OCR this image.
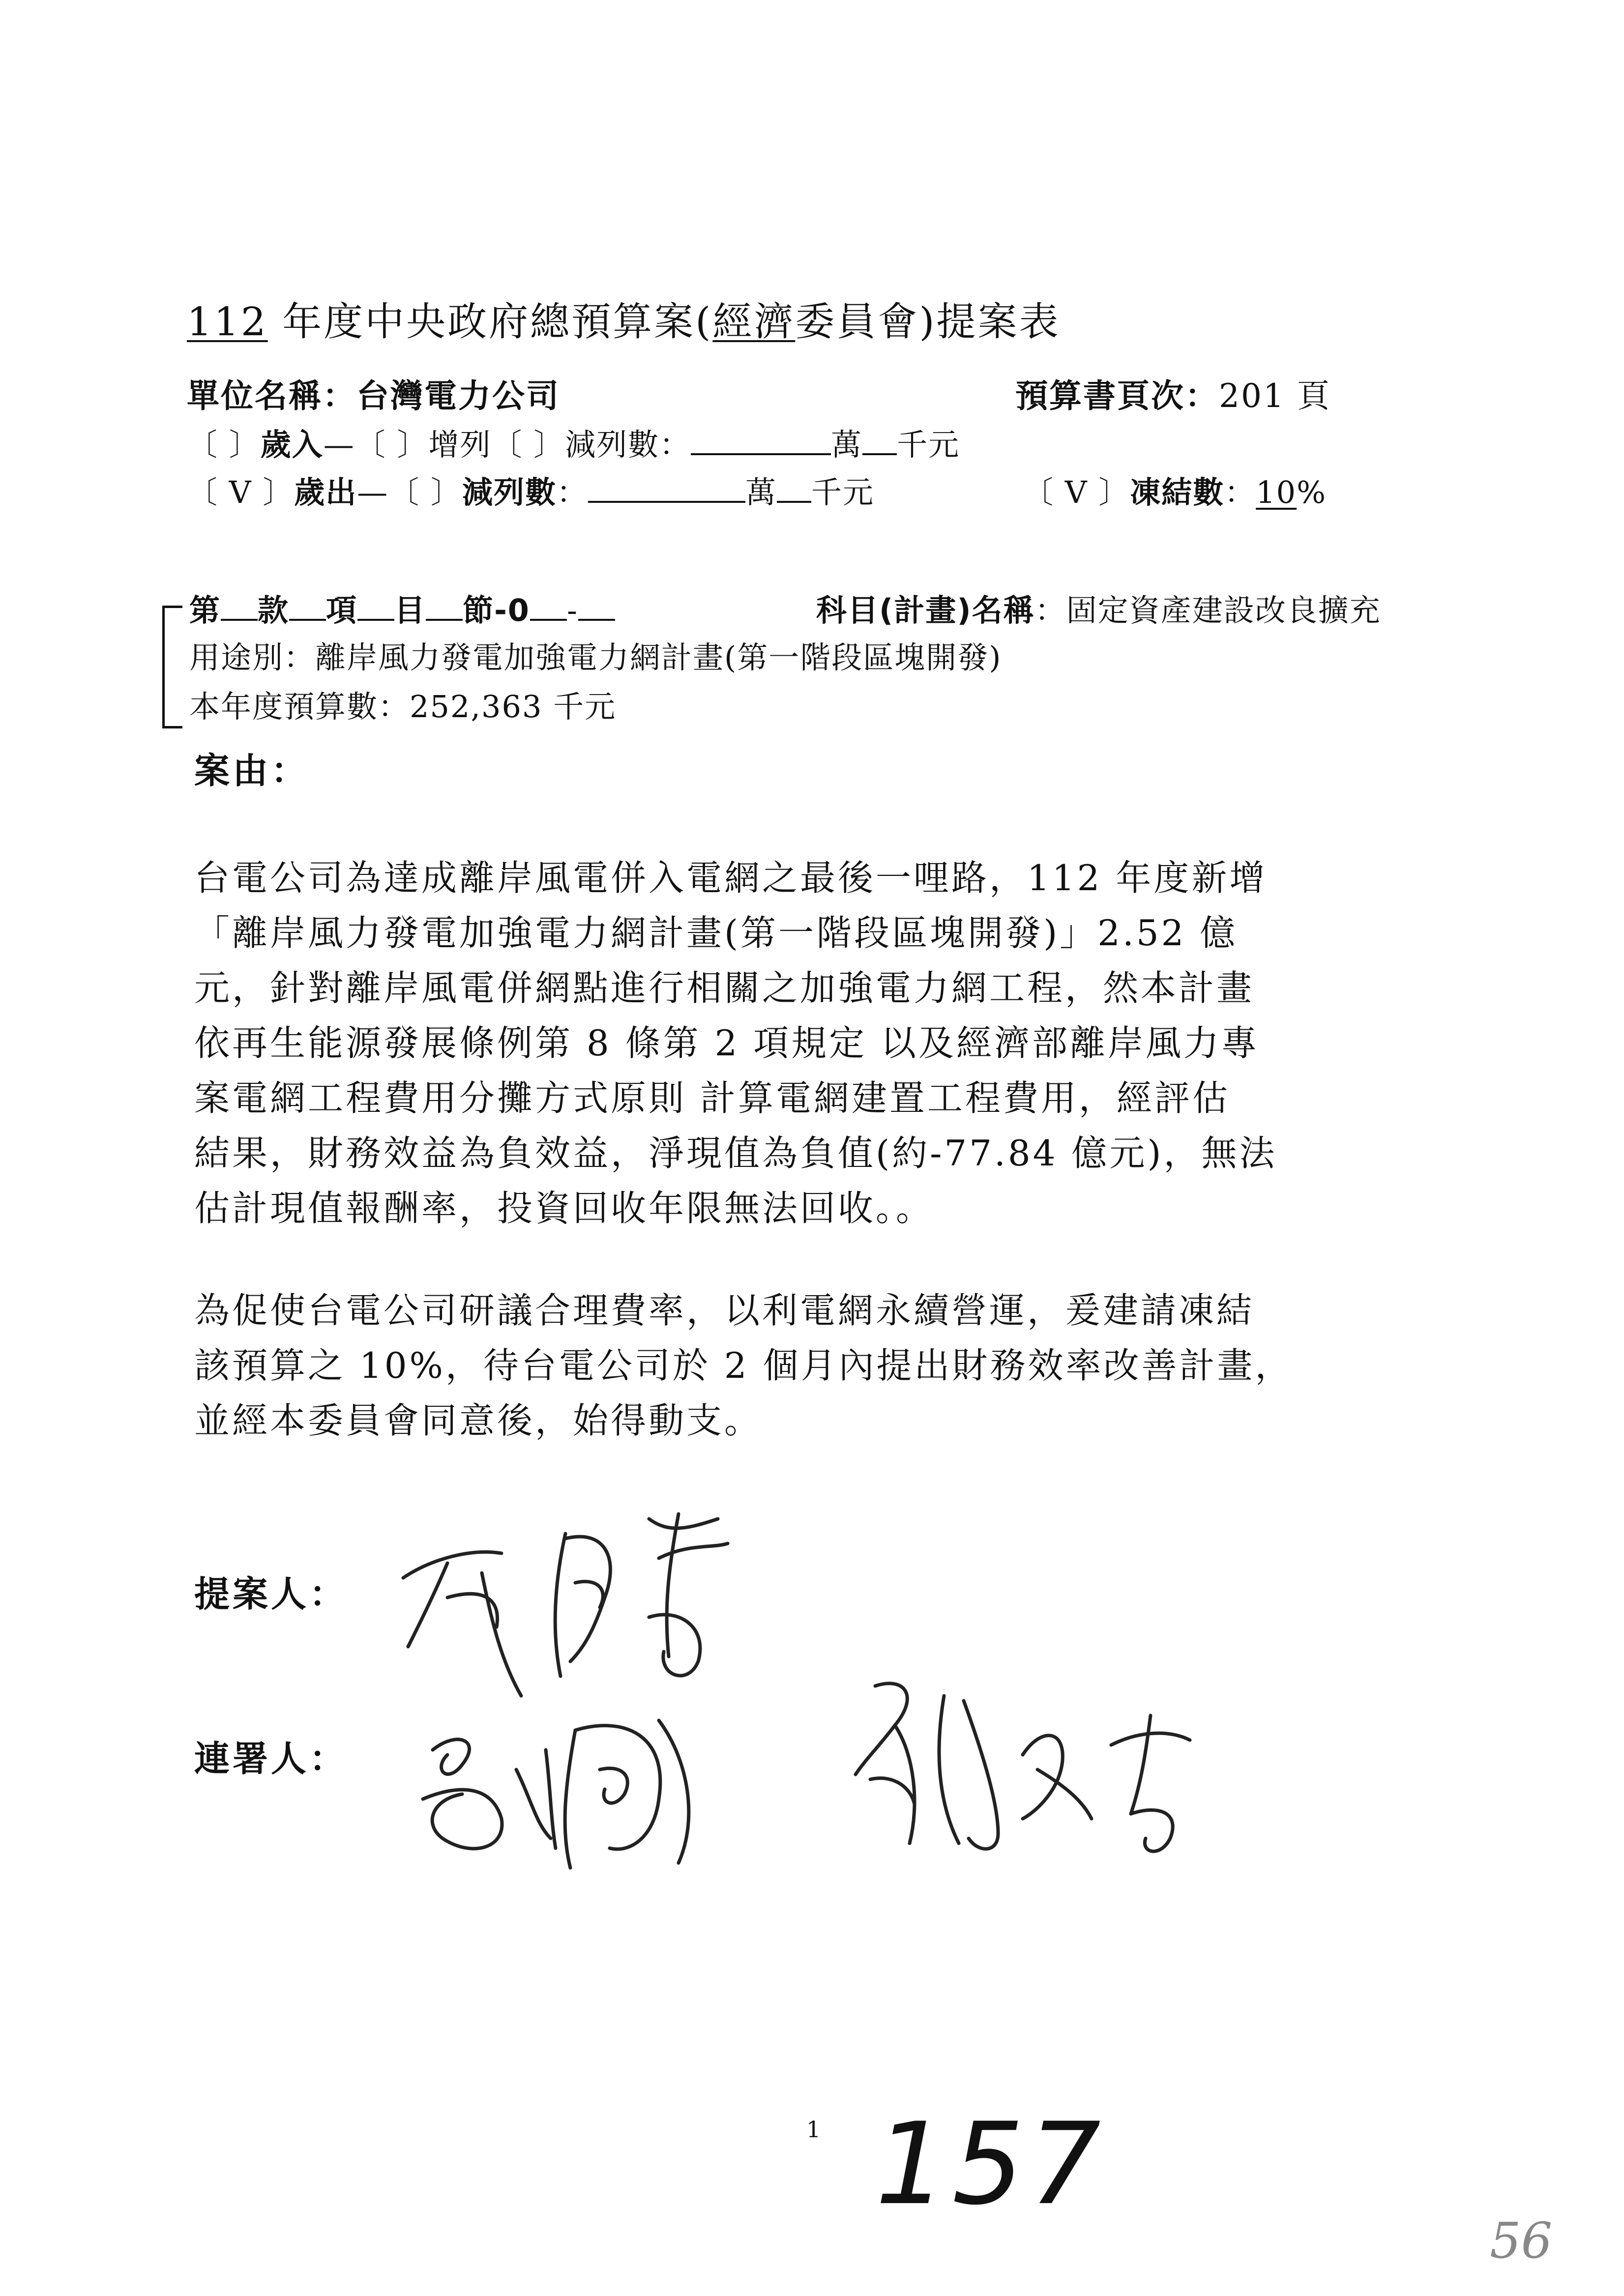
112 年度中央政府總預算案(經濟委員會)提案表
單位名稱：台灣電力公司	預算書頁次：201 頁
〔 〕歲入—〔 〕增列〔 〕減列數：	萬 千元
〔 V 〕歲出—〔 〕減列數：	萬 千元	〔 V 〕凍結數：10%
第 款 項 目 節-0 -	科目(計畫)名稱：固定資產建設改良擴充
用途別：離岸風力發電加強電力網計畫(第一階段區塊開發)
本年度預算數：252,363 千元
案由：

台電公司為達成離岸風電併入電網之最後一哩路，112 年度新增

「離岸風力發電加強電力網計畫(第一階段區塊開發)」2.52 億

元，針對離岸風電併網點進行相關之加強電力網工程，然本計畫

依再生能源發展條例第 8 條第 2 項規定 以及經濟部離岸風力專

案電網工程費用分攤方式原則 計算電網建置工程費用，經評估

結果，財務效益為負效益，淨現值為負值(約-77.84 億元)，無法

估計現值報酬率，投資回收年限無法回收。。

為促使台電公司研議合理費率，以利電網永續營運，爰建請凍結

該預算之 10%，待台電公司於 2 個月內提出財務效率改善計畫，

並經本委員會同意後，始得動支。

提案人：
連署人：
1 157
56
